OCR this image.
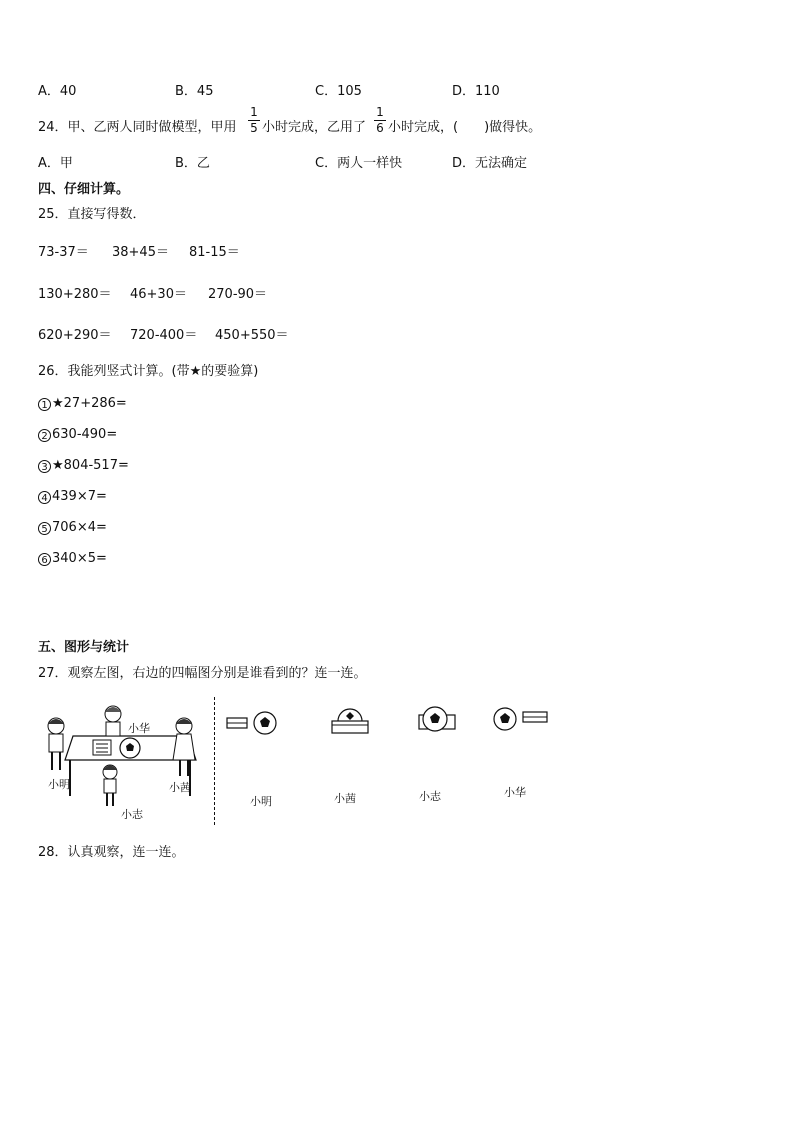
A．40	B．45	C．105	D．110
24．甲、乙两人同时做模型，甲用
1
5 小时完成，乙用了
1
6 小时完成，(　　)做得快。
A．甲	B．乙	C．两人一样快	D．无法确定
四、仔细计算。
25．直接写得数．
73-37＝ 38+45＝ 81-15＝
130+280＝ 46+30＝ 270-90＝
620+290＝ 720-400＝ 450+550＝
26．我能列竖式计算。(带★的要验算)
1 ★27+286=
2 630-490=
3 ★804-517=
4 439×7=
5 706×4=
6 340×5=
五、图形与统计
27．观察左图，右边的四幅图分别是谁看到的？连一连。
小华
小明	小茜
小志
小明	小茜	小志	小华
28．认真观察，连一连。
